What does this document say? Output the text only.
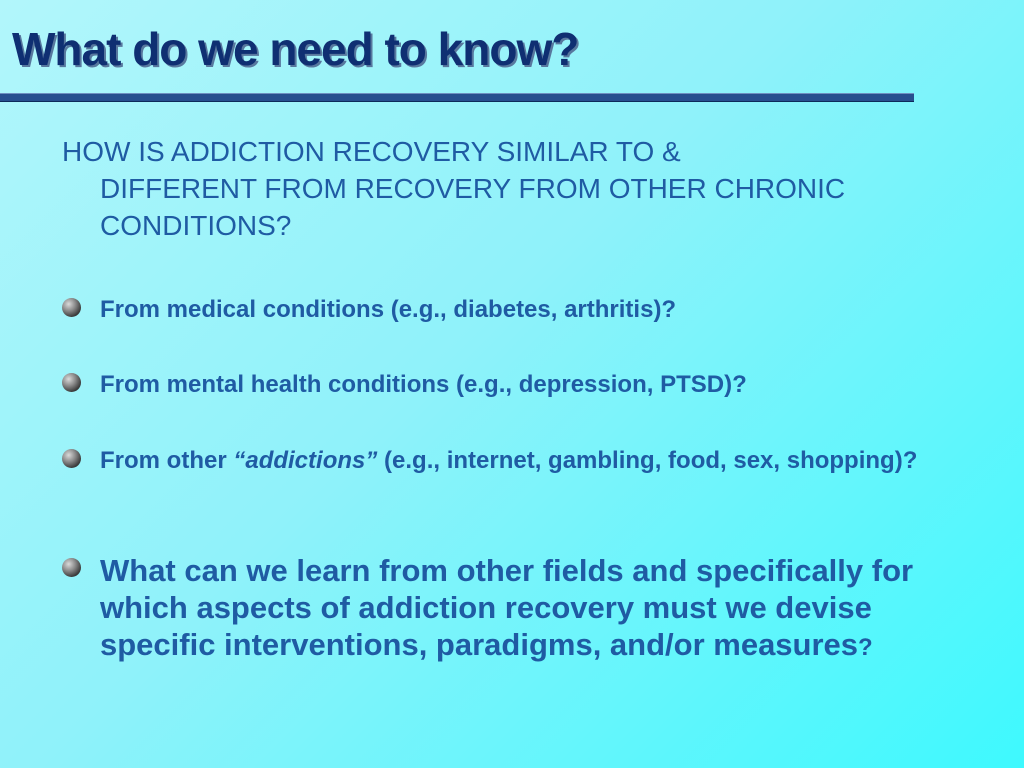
What do we need to know?

HOW IS ADDICTION RECOVERY SIMILAR TO &
DIFFERENT FROM RECOVERY FROM OTHER CHRONIC CONDITIONS?

From medical conditions (e.g., diabetes, arthritis)?
From mental health conditions (e.g., depression, PTSD)?
From other “addictions” (e.g., internet, gambling, food, sex, shopping)?
What can we learn from other fields and specifically for which aspects of addiction recovery must we devise specific interventions, paradigms, and/or measures?
